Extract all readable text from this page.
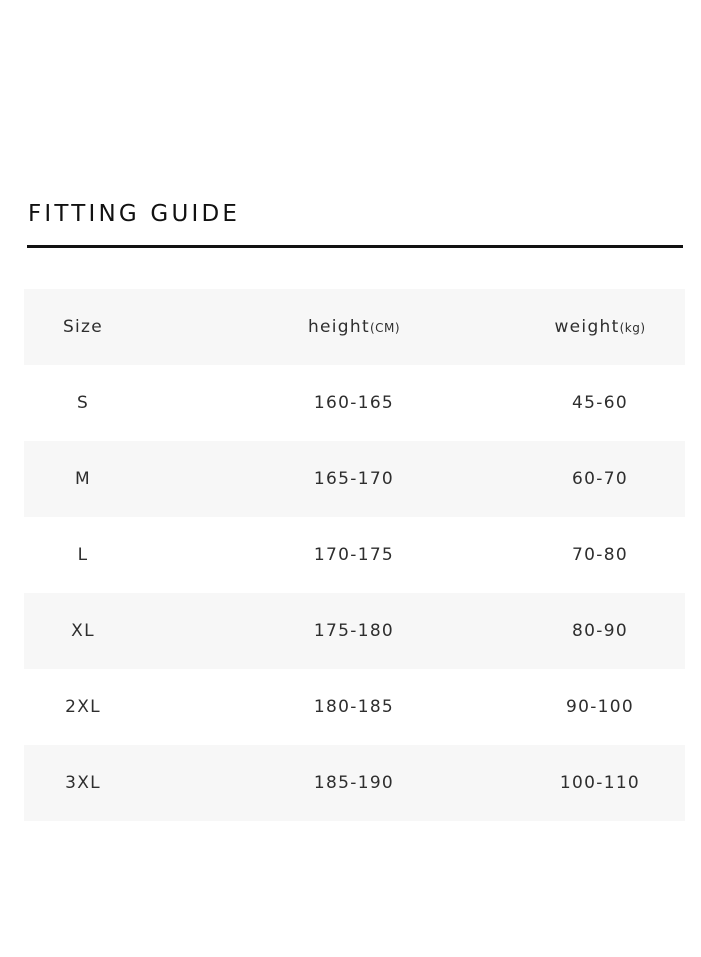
FITTING GUIDE
Size	height(CM)	weight(kg)
S	160-165	45-60
M	165-170	60-70
L	170-175	70-80
XL	175-180	80-90
2XL	180-185	90-100
3XL	185-190	100-110
